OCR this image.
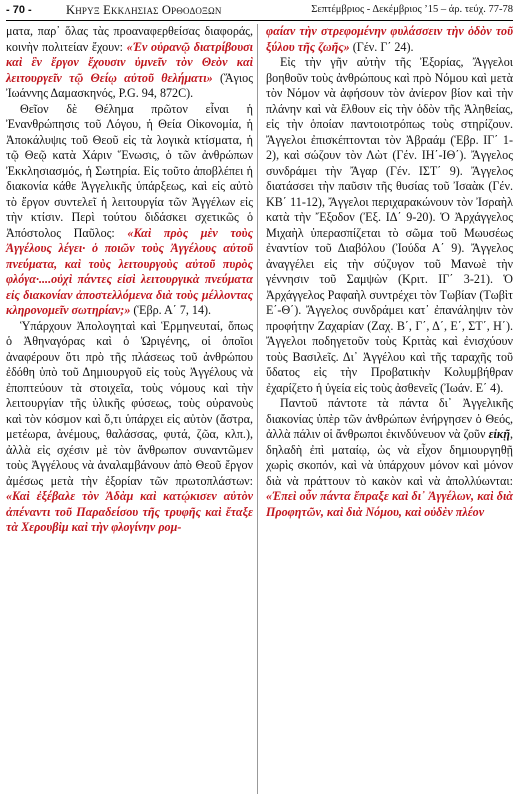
- 70 -	Κηρυξ Εκκλησιας Ορθοδοξων	Σεπτέμβριος - Δεκέμβριος ’15 – άρ. τεύχ. 77-78

ματα, παρ᾽ ὅλας τὰς προαναφερθείσας διαφοράς, κοινὴν πολιτείαν ἔχουν: «Ἐν οὐρανῷ διατρίβουσι καὶ ἓν ἔργον ἔχουσιν ὑμνεῖν τὸν Θεὸν καὶ λειτουργεῖν τῷ Θείῳ αὐτοῦ θελήματι» (Ἅγιος Ἰωάννης Δαμασκηνός, P.G. 94, 872C).

Θεῖον δὲ Θέλημα πρῶτον εἶναι ἡ Ἐνανθρώπησις τοῦ Λόγου, ἡ Θεία Οἰκονομία, ἡ Ἀποκάλυψις τοῦ Θεοῦ εἰς τὰ λογικὰ κτίσματα, ἡ τῷ Θεῷ κατὰ Χάριν Ἕνωσις, ὁ τῶν ἀνθρώπων Ἐκκλησιασμός, ἡ Σωτηρία. Εἰς τοῦτο ἀποβλέπει ἡ διακονία κάθε Ἀγγελικῆς ὑπάρξεως, καὶ εἰς αὐτὸ τὸ ἔργον συντελεῖ ἡ λειτουργία τῶν Ἀγγέλων εἰς τὴν κτίσιν. Περὶ τούτου διδάσκει σχετικῶς ὁ Ἀπόστολος Παῦλος: «Καὶ πρὸς μὲν τοὺς Ἀγγέλους λέγει· ὁ ποιῶν τοὺς Ἀγγέλους αὐτοῦ πνεύματα, καὶ τοὺς λειτουργοὺς αὐτοῦ πυρὸς φλόγα·....οὐχὶ πάντες εἰσὶ λειτουργικὰ πνεύματα εἰς διακονίαν ἀποστελλόμενα διὰ τοὺς μέλλοντας κληρονομεῖν σωτηρίαν;» (Ἑβρ. Α΄ 7, 14).

Ὑπάρχουν Ἀπολογηταὶ καὶ Ἑρμηνευταί, ὅπως ὁ Ἀθηναγόρας καὶ ὁ Ὠριγένης, οἱ ὁποῖοι ἀναφέρουν ὅτι πρὸ τῆς πλάσεως τοῦ ἀνθρώπου ἐδόθη ὑπὸ τοῦ Δημιουργοῦ εἰς τοὺς Ἀγγέλους νὰ ἐποπτεύουν τὰ στοιχεῖα, τοὺς νόμους καὶ τὴν λειτουργίαν τῆς ὑλικῆς φύσεως, τοὺς οὐρανοὺς καὶ τὸν κόσμον καὶ ὅ,τι ὑπάρχει εἰς αὐτὸν (ἄστρα, μετέωρα, ἀνέμους, θαλάσσας, φυτά, ζῶα, κλπ.), ἀλλὰ εἰς σχέσιν μὲ τὸν ἄνθρωπον συναντῶμεν τοὺς Ἀγγέλους νὰ ἀναλαμβάνουν ἀπὸ Θεοῦ ἔργον ἀμέσως μετὰ τὴν ἐξορίαν τῶν πρωτοπλάστων: «Καὶ ἐξέβαλε τὸν Ἀδὰμ καὶ κατῴκισεν αὐτὸν ἀπέναντι τοῦ Παραδείσου τῆς τρυφῆς καὶ ἔταξε τὰ Χερουβὶμ καὶ τὴν φλογίνην ρομ-

φαίαν τὴν στρεφομένην φυλάσσειν τὴν ὁδὸν τοῦ ξύλου τῆς ζωῆς» (Γέν. Γ΄ 24).

Εἰς τὴν γῆν αὐτὴν τῆς Ἐξορίας, Ἄγγελοι βοηθοῦν τοὺς ἀνθρώπους καὶ πρὸ Νόμου καὶ μετὰ τὸν Νόμον νὰ ἀφήσουν τὸν ἀνίερον βίον καὶ τὴν πλάνην καὶ νὰ ἔλθουν εἰς τὴν ὁδὸν τῆς Ἀληθείας, εἰς τὴν ὁποίαν παντοιοτρόπως τοὺς στηρίζουν. Ἄγγελοι ἐπισκέπτονται τὸν Ἀβραάμ (Ἑβρ. ΙΓ΄ 1-2), καὶ σώζουν τὸν Λὼτ (Γέν. ΙΗ΄-ΙΘ΄). Ἄγγελος συνδράμει τὴν Ἄγαρ (Γέν. ΙΣΤ΄ 9). Ἄγγελος διατάσσει τὴν παῦσιν τῆς θυσίας τοῦ Ἰσαὰκ (Γέν. ΚΒ΄ 11-12), Ἄγγελοι περιχαρακώνουν τὸν Ἰσραὴλ κατὰ τὴν Ἔξοδον (Ἐξ. ΙΔ΄ 9-20). Ὁ Ἀρχάγγελος Μιχαὴλ ὑπερασπίζεται τὸ σῶμα τοῦ Μωυσέως ἐναντίον τοῦ Διαβόλου (Ἰούδα Α΄ 9). Ἄγγελος ἀναγγέλει εἰς τὴν σύζυγον τοῦ Μανωὲ τὴν γέννησιν τοῦ Σαμψὼν (Κριτ. ΙΓ΄ 3-21). Ὁ Ἀρχάγγελος Ραφαὴλ συντρέχει τὸν Τωβίαν (Τωβὶτ Ε΄-Θ΄). Ἄγγελος συνδράμει κατ᾽ ἐπανάληψιν τὸν προφήτην Ζαχαρίαν (Ζαχ. Β΄, Γ΄, Δ΄, Ε΄, ΣΤ΄, Η΄). Ἄγγελοι ποδηγετοῦν τοὺς Κριτὰς καὶ ἐνισχύουν τοὺς Βασιλεῖς. Δι᾽ Ἀγγέλου καὶ τῆς ταραχῆς τοῦ ὕδατος εἰς τὴν Προβατικὴν Κολυμβήθραν ἐχαρίζετο ἡ ὑγεία εἰς τοὺς ἀσθενεῖς (Ἰωάν. Ε΄ 4).

Παντοῦ πάντοτε τὰ πάντα δι᾽ Ἀγγελικῆς διακονίας ὑπὲρ τῶν ἀνθρώπων ἐνήργησεν ὁ Θεός, ἀλλὰ πάλιν οἱ ἄνθρωποι ἐκινδύνευον νὰ ζοῦν εἰκῇ, δηλαδὴ ἐπὶ ματαίῳ, ὡς νὰ εἶχον δημιουργηθῇ χωρὶς σκοπόν, καὶ νὰ ὑπάρχουν μόνον καὶ μόνον διὰ νὰ πράττουν τὸ κακὸν καὶ νὰ ἀπολλύωνται: «Ἐπεὶ οὖν πάντα ἔπραξε καὶ δι᾽ Ἀγγέλων, καὶ διὰ Προφητῶν, καὶ διὰ Νόμου, καὶ οὐδὲν πλέον
